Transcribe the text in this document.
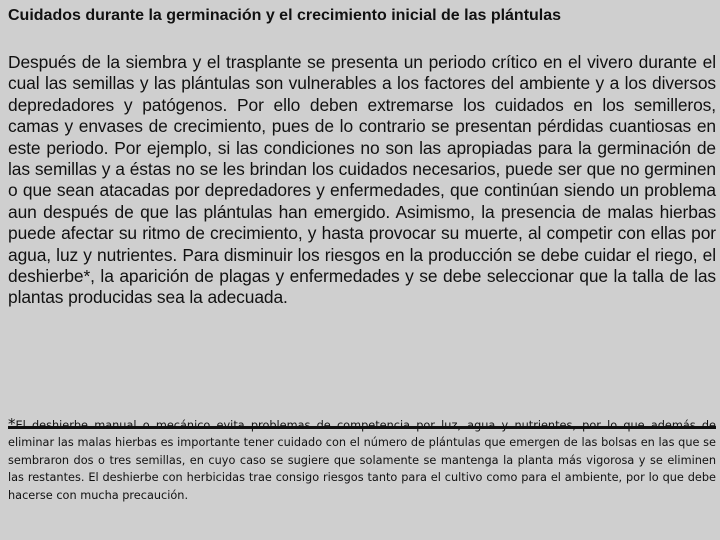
Cuidados durante la germinación y el crecimiento inicial de las plántulas
Después de la siembra y el trasplante se presenta un periodo crítico en el vivero durante el cual las semillas y las plántulas son vulnerables a los factores del ambiente y a los diversos depredadores y patógenos. Por ello deben extremarse los cuidados en los semilleros, camas y envases de crecimiento, pues de lo contrario se presentan pérdidas cuantiosas en este periodo. Por ejemplo, si las condiciones no son las apropiadas para la germinación de las semillas y a éstas no se les brindan los cuidados necesarios, puede ser que no germinen o que sean atacadas por depredadores y enfermedades, que continúan siendo un problema aun después de que las plántulas han emergido. Asimismo, la presencia de malas hierbas puede afectar su ritmo de crecimiento, y hasta provocar su muerte, al competir con ellas por agua, luz y nutrientes. Para disminuir los riesgos en la producción se debe cuidar el riego, el deshierbe*, la aparición de plagas y enfermedades y se debe seleccionar que la talla de las plantas producidas sea la adecuada.
*El deshierbe manual o mecánico evita problemas de competencia por luz, agua y nutrientes, por lo que además de eliminar las malas hierbas es importante tener cuidado con el número de plántulas que emergen de las bolsas en las que se sembraron dos o tres semillas, en cuyo caso se sugiere que solamente se mantenga la planta más vigorosa y se eliminen las restantes. El deshierbe con herbicidas trae consigo riesgos tanto para el cultivo como para el ambiente, por lo que debe hacerse con mucha precaución.
